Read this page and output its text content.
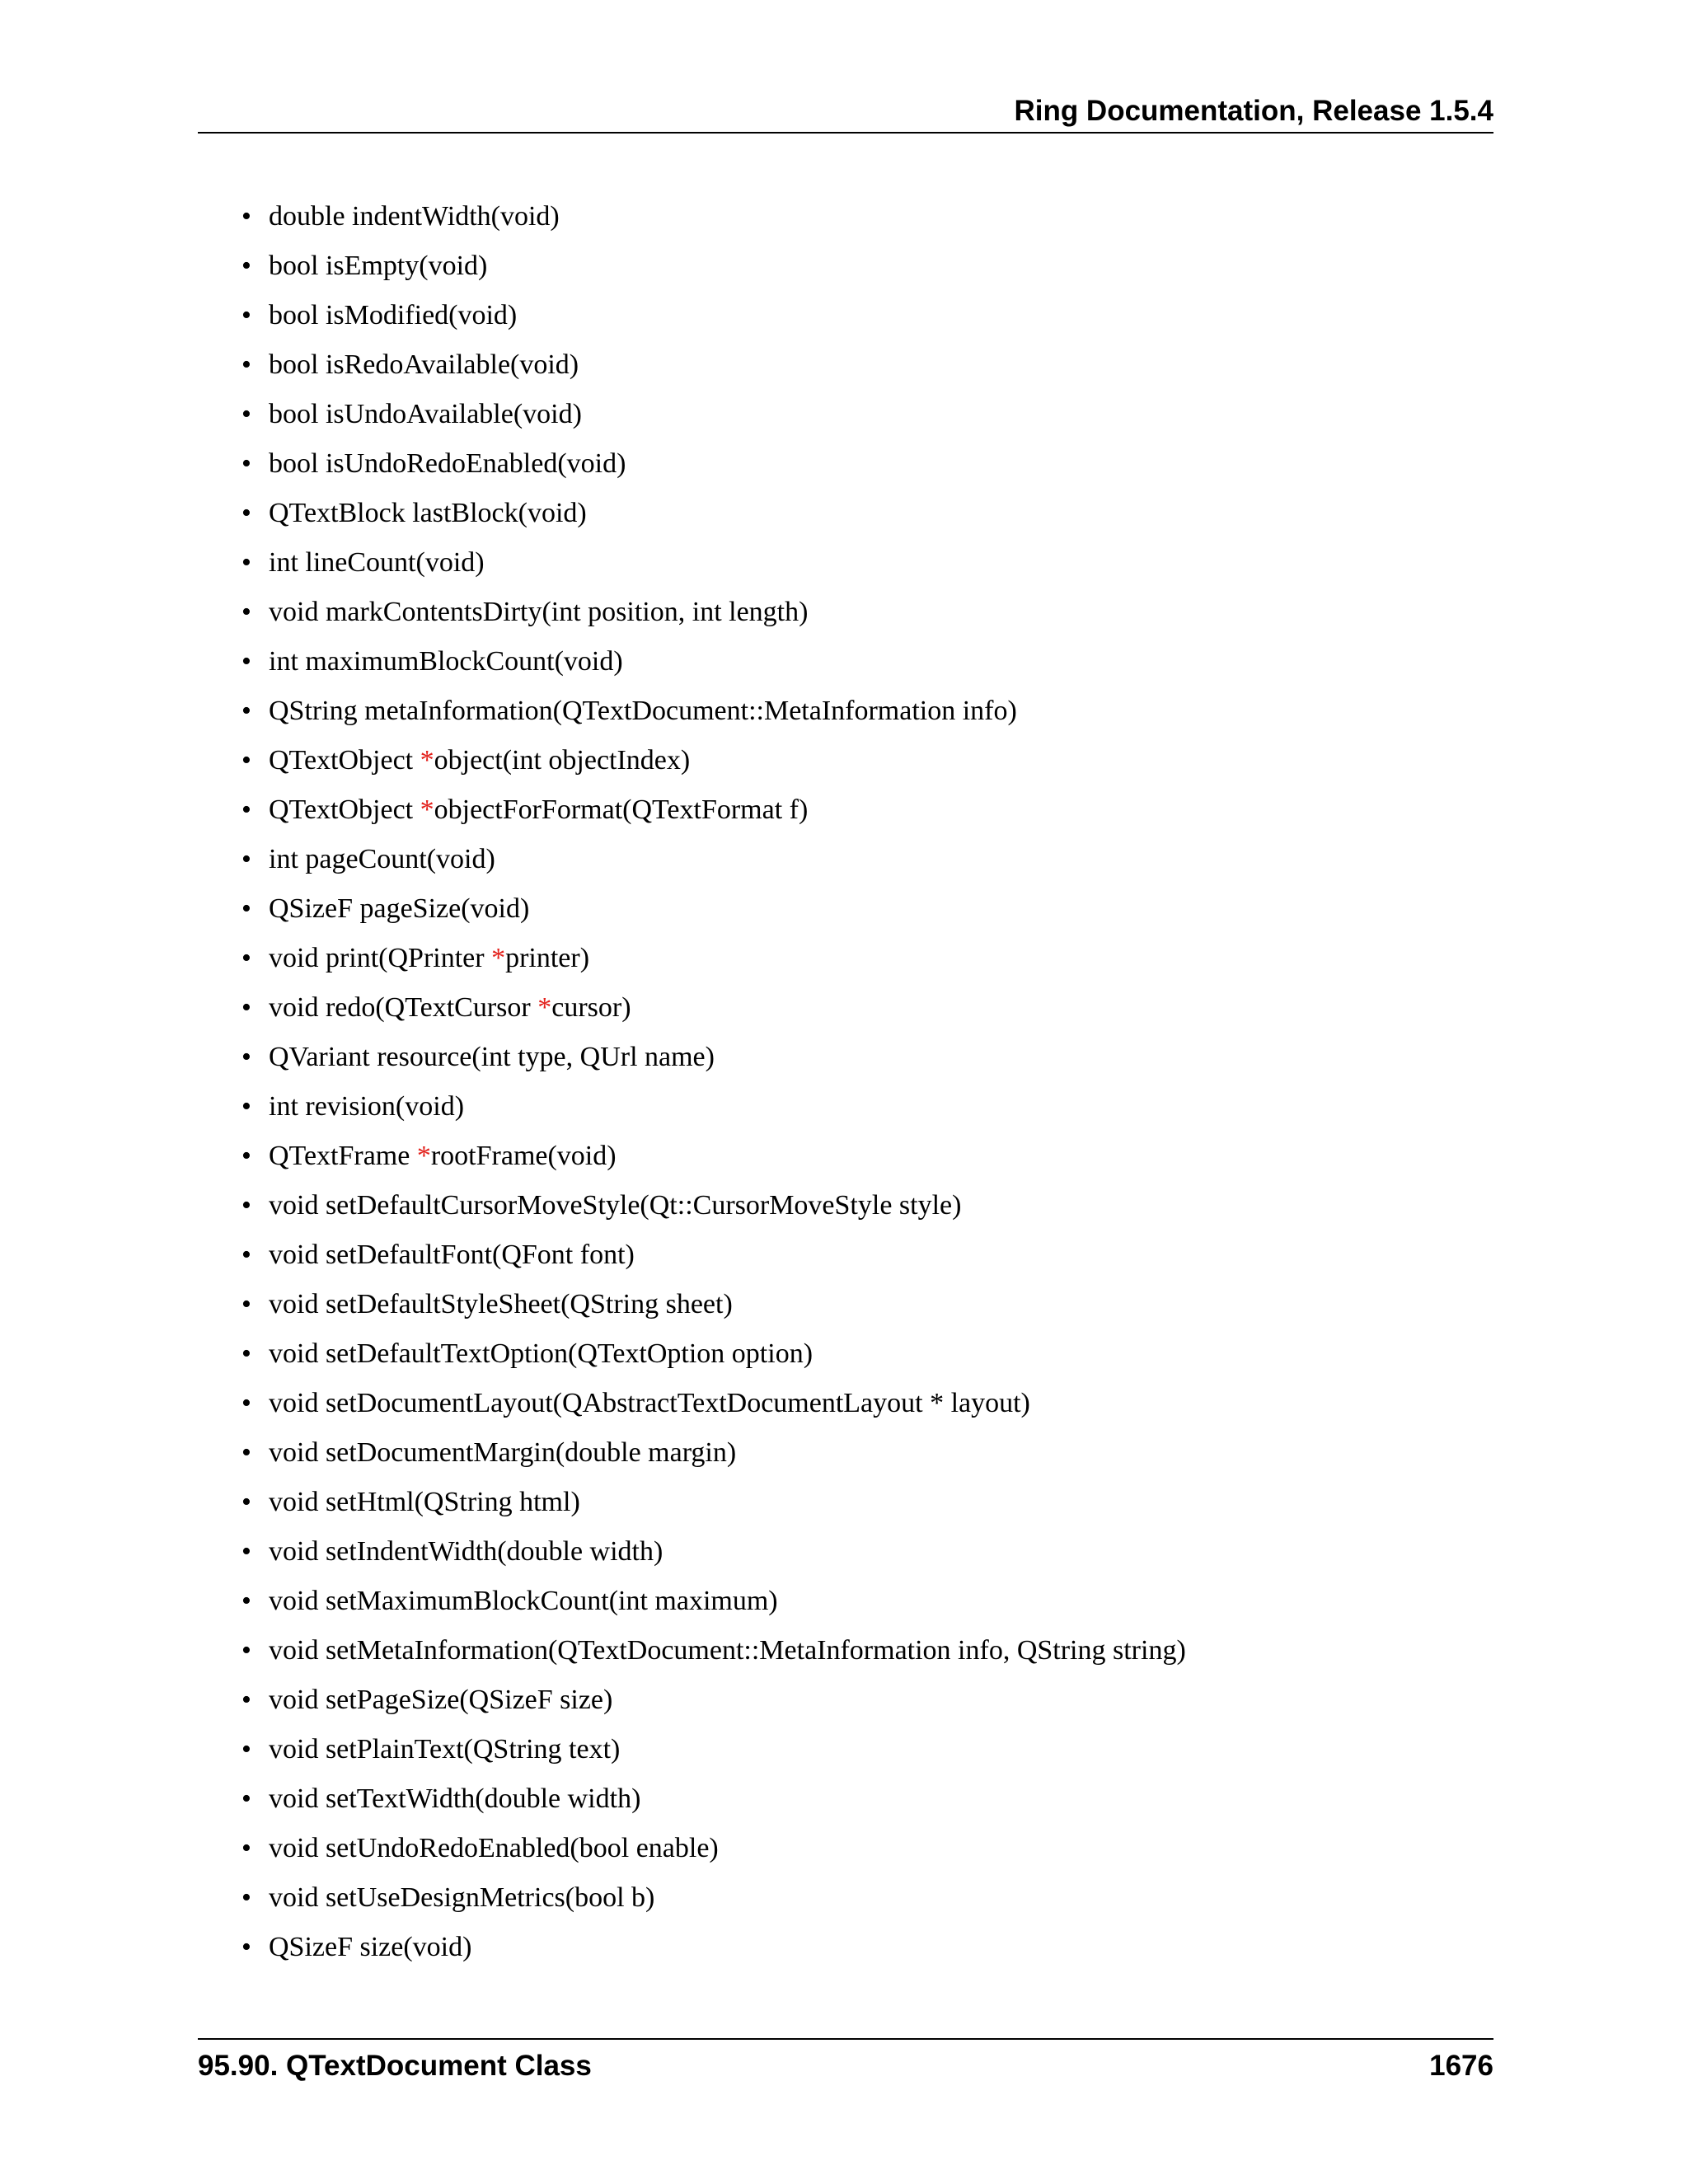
Ring Documentation, Release 1.5.4
• double indentWidth(void)
• bool isEmpty(void)
• bool isModified(void)
• bool isRedoAvailable(void)
• bool isUndoAvailable(void)
• bool isUndoRedoEnabled(void)
• QTextBlock lastBlock(void)
• int lineCount(void)
• void markContentsDirty(int position, int length)
• int maximumBlockCount(void)
• QString metaInformation(QTextDocument::MetaInformation info)
• QTextObject *object(int objectIndex)
• QTextObject *objectForFormat(QTextFormat f)
• int pageCount(void)
• QSizeF pageSize(void)
• void print(QPrinter *printer)
• void redo(QTextCursor *cursor)
• QVariant resource(int type, QUrl name)
• int revision(void)
• QTextFrame *rootFrame(void)
• void setDefaultCursorMoveStyle(Qt::CursorMoveStyle style)
• void setDefaultFont(QFont font)
• void setDefaultStyleSheet(QString sheet)
• void setDefaultTextOption(QTextOption option)
• void setDocumentLayout(QAbstractTextDocumentLayout * layout)
• void setDocumentMargin(double margin)
• void setHtml(QString html)
• void setIndentWidth(double width)
• void setMaximumBlockCount(int maximum)
• void setMetaInformation(QTextDocument::MetaInformation info, QString string)
• void setPageSize(QSizeF size)
• void setPlainText(QString text)
• void setTextWidth(double width)
• void setUndoRedoEnabled(bool enable)
• void setUseDesignMetrics(bool b)
• QSizeF size(void)
95.90. QTextDocument Class	1676
